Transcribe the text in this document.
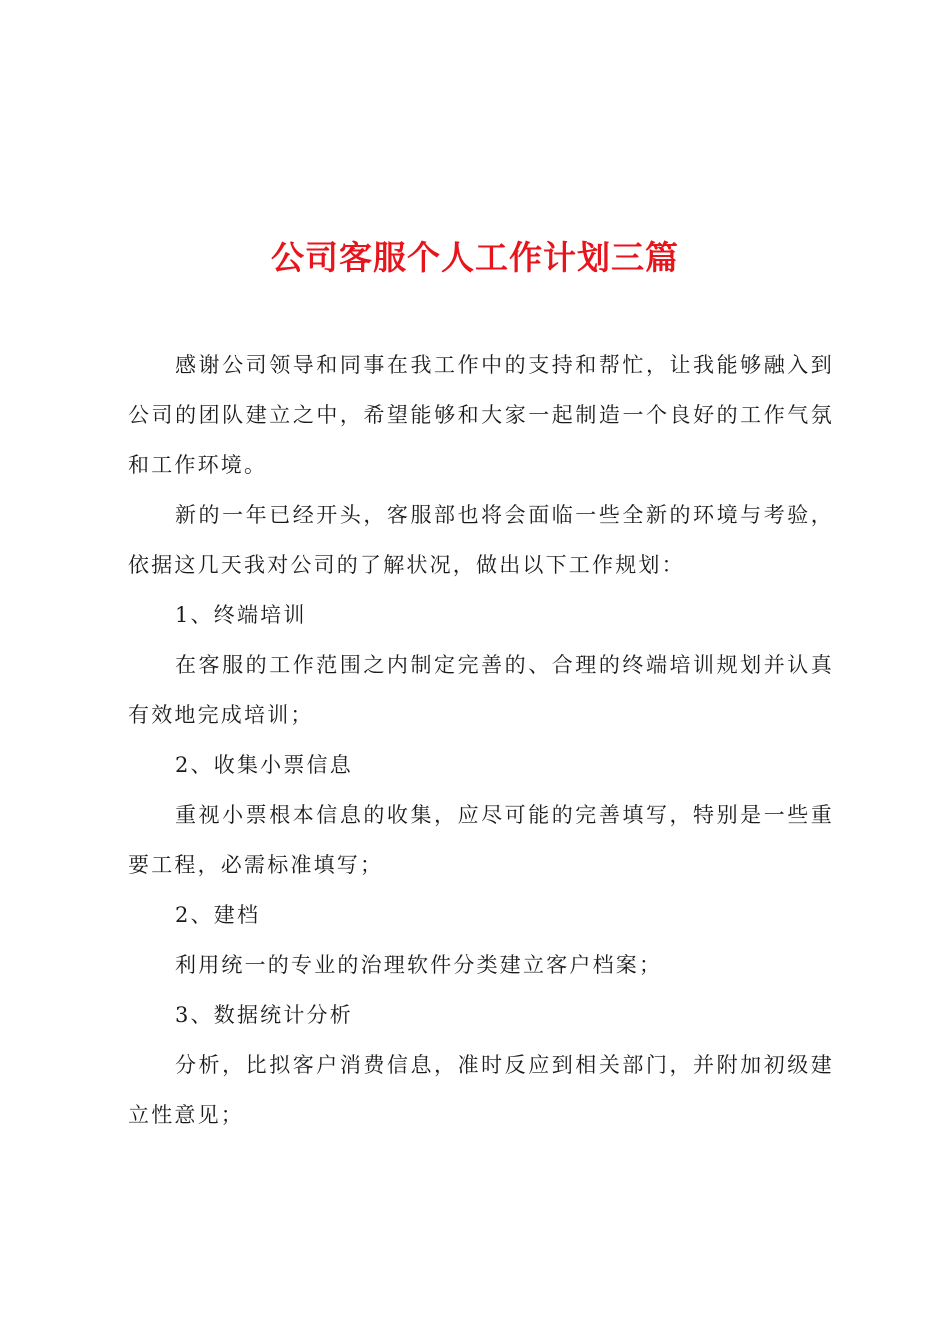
公司客服个人工作计划三篇

感谢公司领导和同事在我工作中的支持和帮忙，让我能够融入到公司的团队建立之中，希望能够和大家一起制造一个良好的工作气氛和工作环境。

新的一年已经开头，客服部也将会面临一些全新的环境与考验，依据这几天我对公司的了解状况，做出以下工作规划：

1、终端培训

在客服的工作范围之内制定完善的、合理的终端培训规划并认真有效地完成培训；

2、收集小票信息

重视小票根本信息的收集，应尽可能的完善填写，特别是一些重要工程，必需标准填写；

2、建档

利用统一的专业的治理软件分类建立客户档案；

3、数据统计分析

分析，比拟客户消费信息，准时反应到相关部门，并附加初级建立性意见；
